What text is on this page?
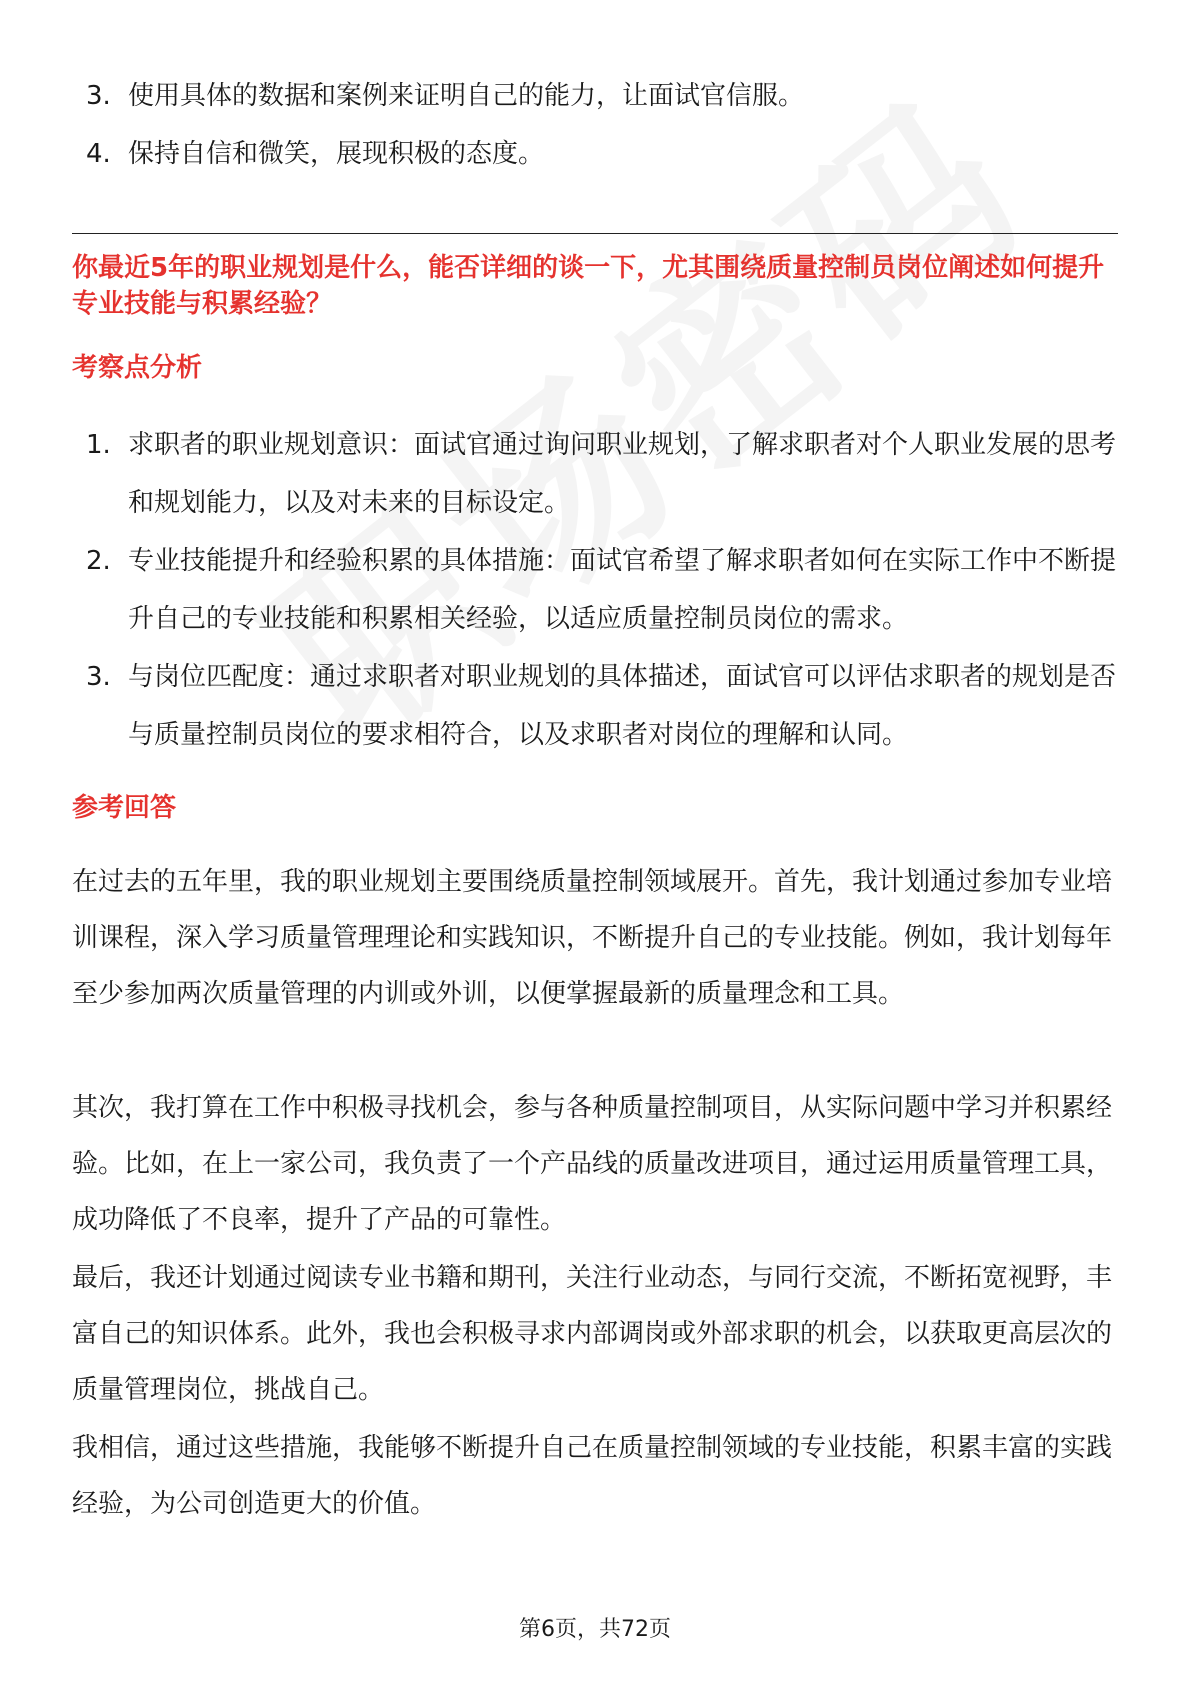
3. 使用具体的数据和案例来证明自己的能力，让面试官信服。
4. 保持自信和微笑，展现积极的态度。
你最近5年的职业规划是什么，能否详细的谈一下，尤其围绕质量控制员岗位阐述如何提升专业技能与积累经验？
考察点分析
1. 求职者的职业规划意识：面试官通过询问职业规划，了解求职者对个人职业发展的思考和规划能力，以及对未来的目标设定。
2. 专业技能提升和经验积累的具体措施：面试官希望了解求职者如何在实际工作中不断提升自己的专业技能和积累相关经验，以适应质量控制员岗位的需求。
3. 与岗位匹配度：通过求职者对职业规划的具体描述，面试官可以评估求职者的规划是否与质量控制员岗位的要求相符合，以及求职者对岗位的理解和认同。
参考回答

在过去的五年里，我的职业规划主要围绕质量控制领域展开。首先，我计划通过参加专业培训课程，深入学习质量管理理论和实践知识，不断提升自己的专业技能。例如，我计划每年至少参加两次质量管理的内训或外训，以便掌握最新的质量理念和工具。

其次，我打算在工作中积极寻找机会，参与各种质量控制项目，从实际问题中学习并积累经验。比如，在上一家公司，我负责了一个产品线的质量改进项目，通过运用质量管理工具，成功降低了不良率，提升了产品的可靠性。

最后，我还计划通过阅读专业书籍和期刊，关注行业动态，与同行交流，不断拓宽视野，丰富自己的知识体系。此外，我也会积极寻求内部调岗或外部求职的机会，以获取更高层次的质量管理岗位，挑战自己。

我相信，通过这些措施，我能够不断提升自己在质量控制领域的专业技能，积累丰富的实践经验，为公司创造更大的价值。

第6页，共72页
